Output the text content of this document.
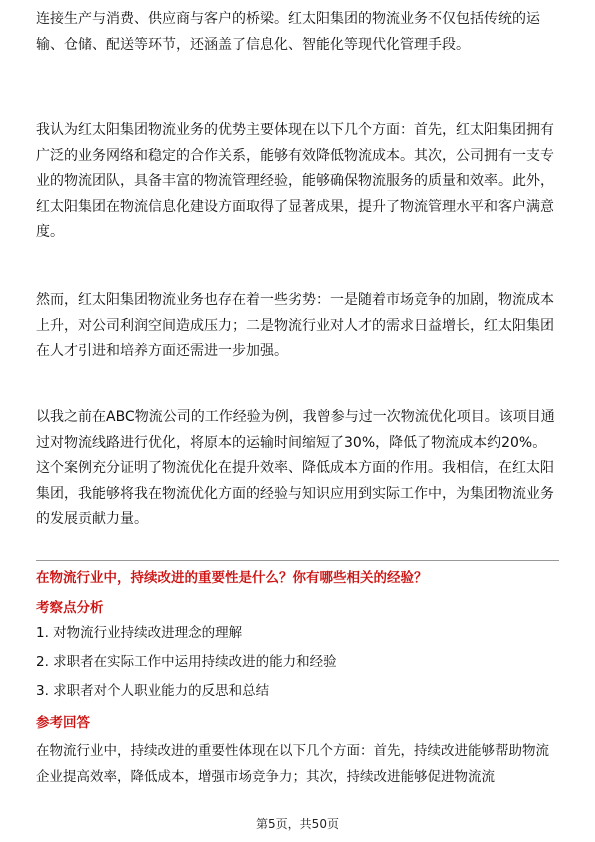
连接生产与消费、供应商与客户的桥梁。红太阳集团的物流业务不仅包括传统的运输、仓储、配送等环节，还涵盖了信息化、智能化等现代化管理手段。

我认为红太阳集团物流业务的优势主要体现在以下几个方面：首先，红太阳集团拥有广泛的业务网络和稳定的合作关系，能够有效降低物流成本。其次，公司拥有一支专业的物流团队，具备丰富的物流管理经验，能够确保物流服务的质量和效率。此外，红太阳集团在物流信息化建设方面取得了显著成果，提升了物流管理水平和客户满意度。

然而，红太阳集团物流业务也存在着一些劣势：一是随着市场竞争的加剧，物流成本上升，对公司利润空间造成压力；二是物流行业对人才的需求日益增长，红太阳集团在人才引进和培养方面还需进一步加强。

以我之前在ABC物流公司的工作经验为例，我曾参与过一次物流优化项目。该项目通过对物流线路进行优化，将原本的运输时间缩短了30%，降低了物流成本约20%。这个案例充分证明了物流优化在提升效率、降低成本方面的作用。我相信，在红太阳集团，我能够将我在物流优化方面的经验与知识应用到实际工作中，为集团物流业务的发展贡献力量。

在物流行业中，持续改进的重要性是什么？你有哪些相关的经验？
考察点分析
1. 对物流行业持续改进理念的理解
2. 求职者在实际工作中运用持续改进的能力和经验
3. 求职者对个人职业能力的反思和总结
参考回答
在物流行业中，持续改进的重要性体现在以下几个方面：首先，持续改进能够帮助物流企业提高效率，降低成本，增强市场竞争力；其次，持续改进能够促进物流流
第5页，共50页
